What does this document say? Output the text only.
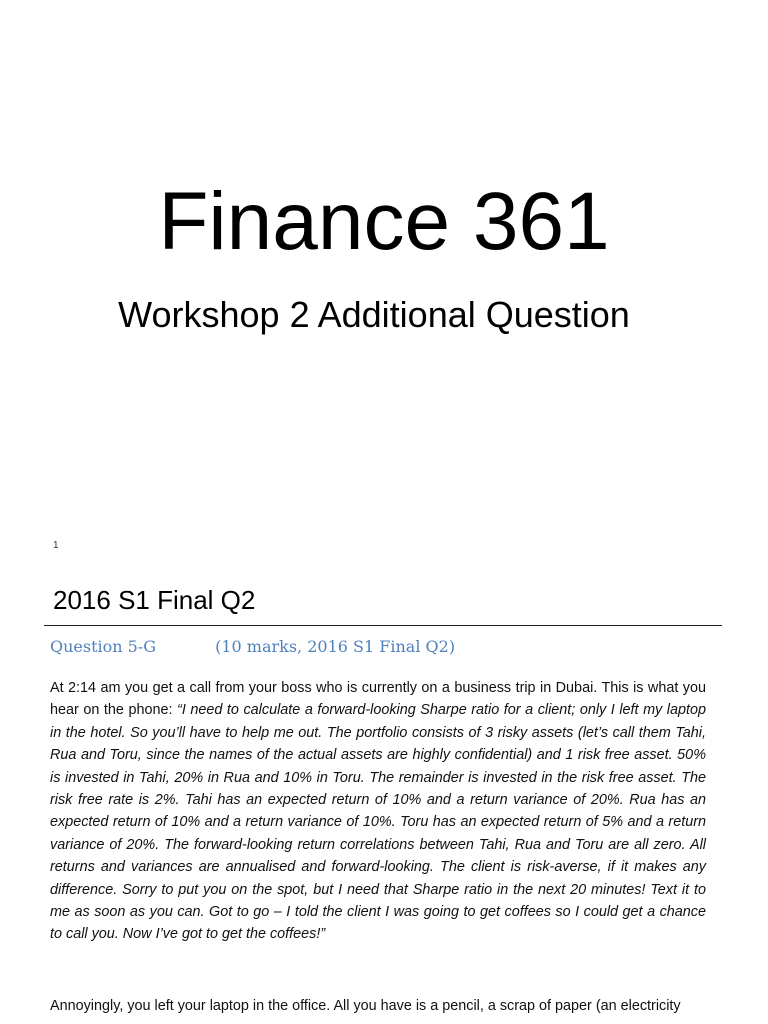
Finance 361
Workshop 2 Additional Question
1
2016 S1 Final Q2
Question 5-G	(10 marks, 2016 S1 Final Q2)

At 2:14 am you get a call from your boss who is currently on a business trip in Dubai. This is what you hear on the phone: “I need to calculate a forward-looking Sharpe ratio for a client; only I left my laptop in the hotel. So you’ll have to help me out. The portfolio consists of 3 risky assets (let’s call them Tahi, Rua and Toru, since the names of the actual assets are highly confidential) and 1 risk free asset. 50% is invested in Tahi, 20% in Rua and 10% in Toru. The remainder is invested in the risk free asset. The risk free rate is 2%. Tahi has an expected return of 10% and a return variance of 20%. Rua has an expected return of 10% and a return variance of 10%. Toru has an expected return of 5% and a return variance of 20%. The forward-looking return correlations between Tahi, Rua and Toru are all zero. All returns and variances are annualised and forward-looking. The client is risk-averse, if it makes any difference. Sorry to put you on the spot, but I need that Sharpe ratio in the next 20 minutes! Text it to me as soon as you can. Got to go – I told the client I was going to get coffees so I could get a chance to call you. Now I’ve got to get the coffees!”

Annoyingly, you left your laptop in the office. All you have is a pencil, a scrap of paper (an electricity
